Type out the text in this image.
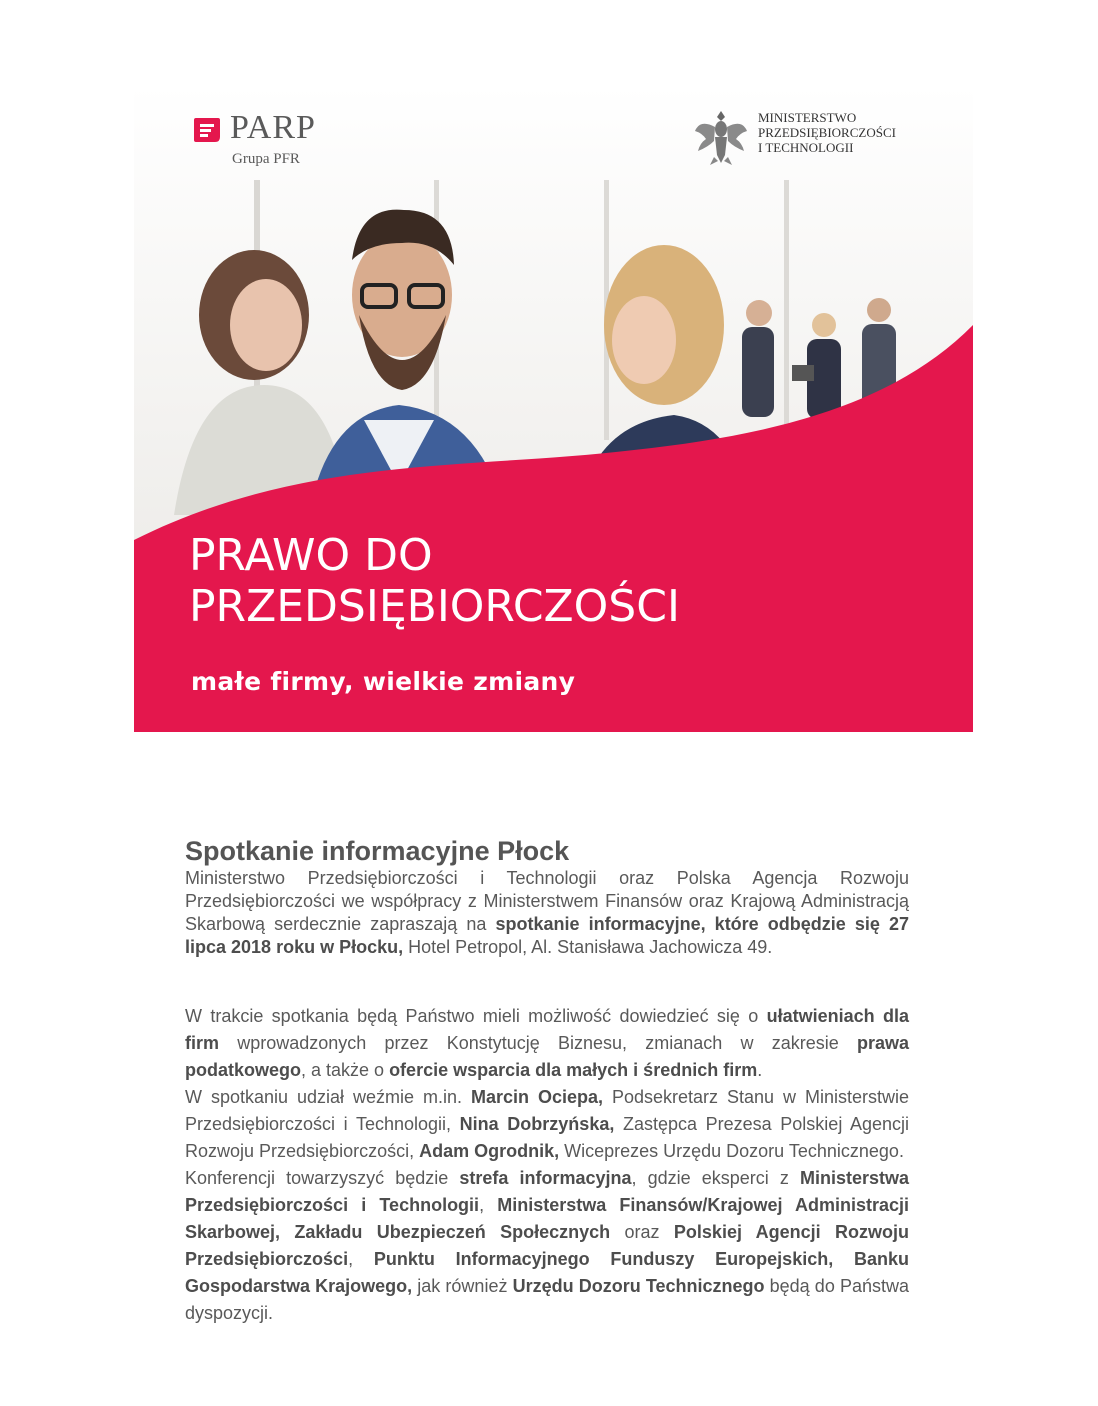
PARP
Grupa PFR
MINISTERSTWO
PRZEDSIĘBIORCZOŚCI
I TECHNOLOGII
PRAWO DO
PRZEDSIĘBIORCZOŚCI
małe firmy, wielkie zmiany
Spotkanie informacyjne Płock

Ministerstwo Przedsiębiorczości i Technologii oraz Polska Agencja Rozwoju Przedsiębiorczości we współpracy z Ministerstwem Finansów oraz Krajową Administracją Skarbową serdecznie zapraszają na spotkanie informacyjne, które odbędzie się 27 lipca 2018 roku w Płocku, Hotel Petropol, Al. Stanisława Jachowicza 49.

W trakcie spotkania będą Państwo mieli możliwość dowiedzieć się o ułatwieniach dla firm wprowadzonych przez Konstytucję Biznesu, zmianach w zakresie prawa podatkowego, a także o ofercie wsparcia dla małych i średnich firm.

W spotkaniu udział weźmie m.in. Marcin Ociepa, Podsekretarz Stanu w Ministerstwie Przedsiębiorczości i Technologii, Nina Dobrzyńska, Zastępca Prezesa Polskiej Agencji Rozwoju Przedsiębiorczości, Adam Ogrodnik, Wiceprezes Urzędu Dozoru Technicznego.

Konferencji towarzyszyć będzie strefa informacyjna, gdzie eksperci z Ministerstwa Przedsiębiorczości i Technologii, Ministerstwa Finansów/Krajowej Administracji Skarbowej, Zakładu Ubezpieczeń Społecznych oraz Polskiej Agencji Rozwoju Przedsiębiorczości, Punktu Informacyjnego Funduszy Europejskich, Banku Gospodarstwa Krajowego, jak również Urzędu Dozoru Technicznego będą do Państwa dyspozycji.
